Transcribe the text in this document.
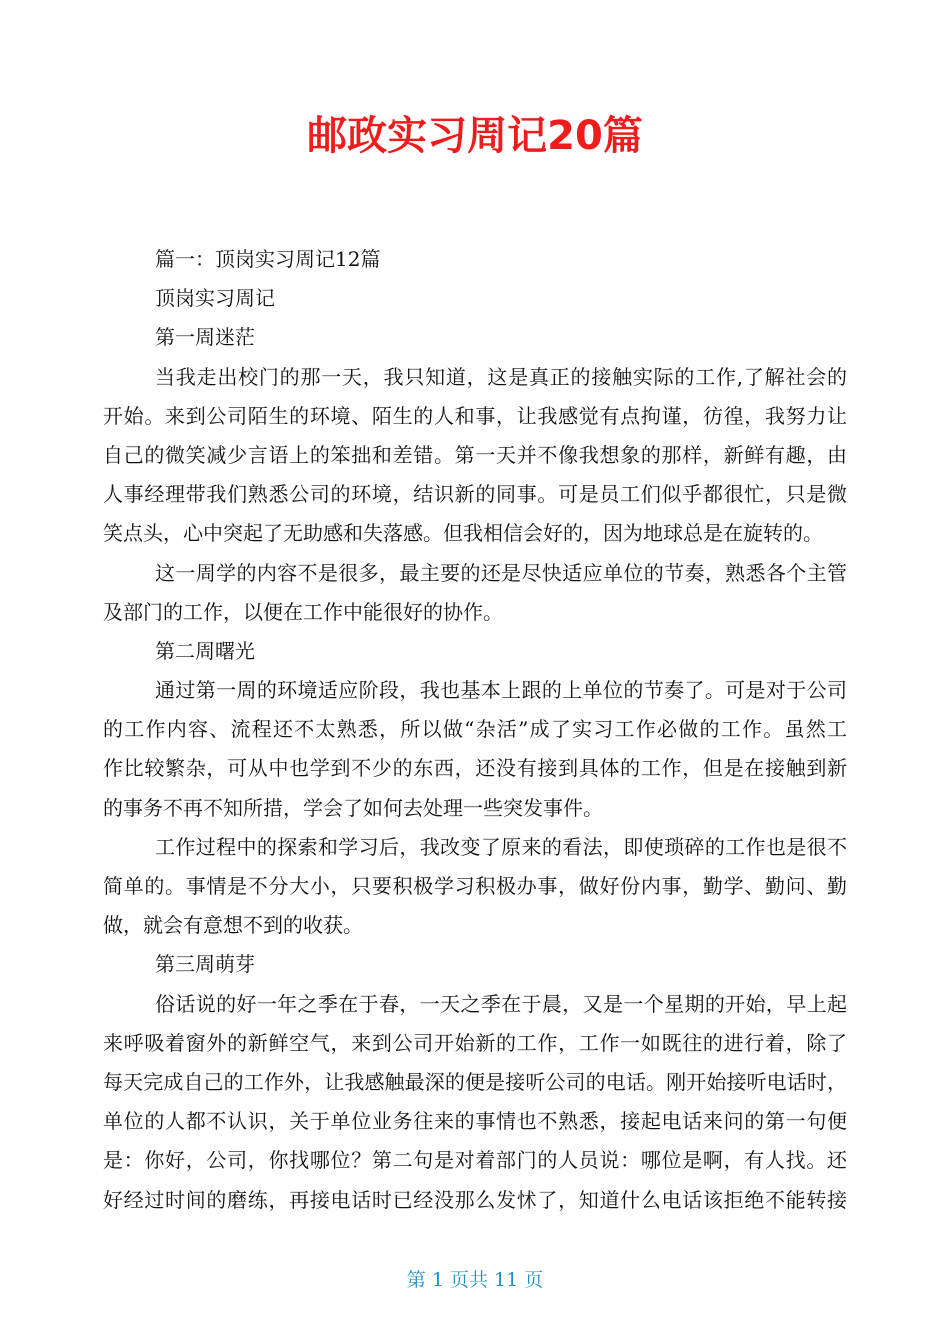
邮政实习周记20篇
篇一：顶岗实习周记12篇
顶岗实习周记
第一周迷茫
当我走出校门的那一天，我只知道，这是真正的接触实际的工作,了解社会的
开始。来到公司陌生的环境、陌生的人和事，让我感觉有点拘谨，彷徨，我努力让
自己的微笑减少言语上的笨拙和差错。第一天并不像我想象的那样，新鲜有趣，由
人事经理带我们熟悉公司的环境，结识新的同事。可是员工们似乎都很忙，只是微
笑点头，心中突起了无助感和失落感。但我相信会好的，因为地球总是在旋转的。
这一周学的内容不是很多，最主要的还是尽快适应单位的节奏，熟悉各个主管
及部门的工作，以便在工作中能很好的协作。
第二周曙光
通过第一周的环境适应阶段，我也基本上跟的上单位的节奏了。可是对于公司
的工作内容、流程还不太熟悉，所以做“杂活”成了实习工作必做的工作。虽然工
作比较繁杂，可从中也学到不少的东西，还没有接到具体的工作，但是在接触到新
的事务不再不知所措，学会了如何去处理一些突发事件。
工作过程中的探索和学习后，我改变了原来的看法，即使琐碎的工作也是很不
简单的。事情是不分大小，只要积极学习积极办事，做好份内事，勤学、勤问、勤
做，就会有意想不到的收获。
第三周萌芽
俗话说的好一年之季在于春，一天之季在于晨，又是一个星期的开始，早上起
来呼吸着窗外的新鲜空气，来到公司开始新的工作，工作一如既往的进行着，除了
每天完成自己的工作外，让我感触最深的便是接听公司的电话。刚开始接听电话时，
单位的人都不认识，关于单位业务往来的事情也不熟悉，接起电话来问的第一句便
是：你好，公司，你找哪位？第二句是对着部门的人员说：哪位是啊，有人找。还
好经过时间的磨练，再接电话时已经没那么发怵了，知道什么电话该拒绝不能转接
第 1 页共 11 页
